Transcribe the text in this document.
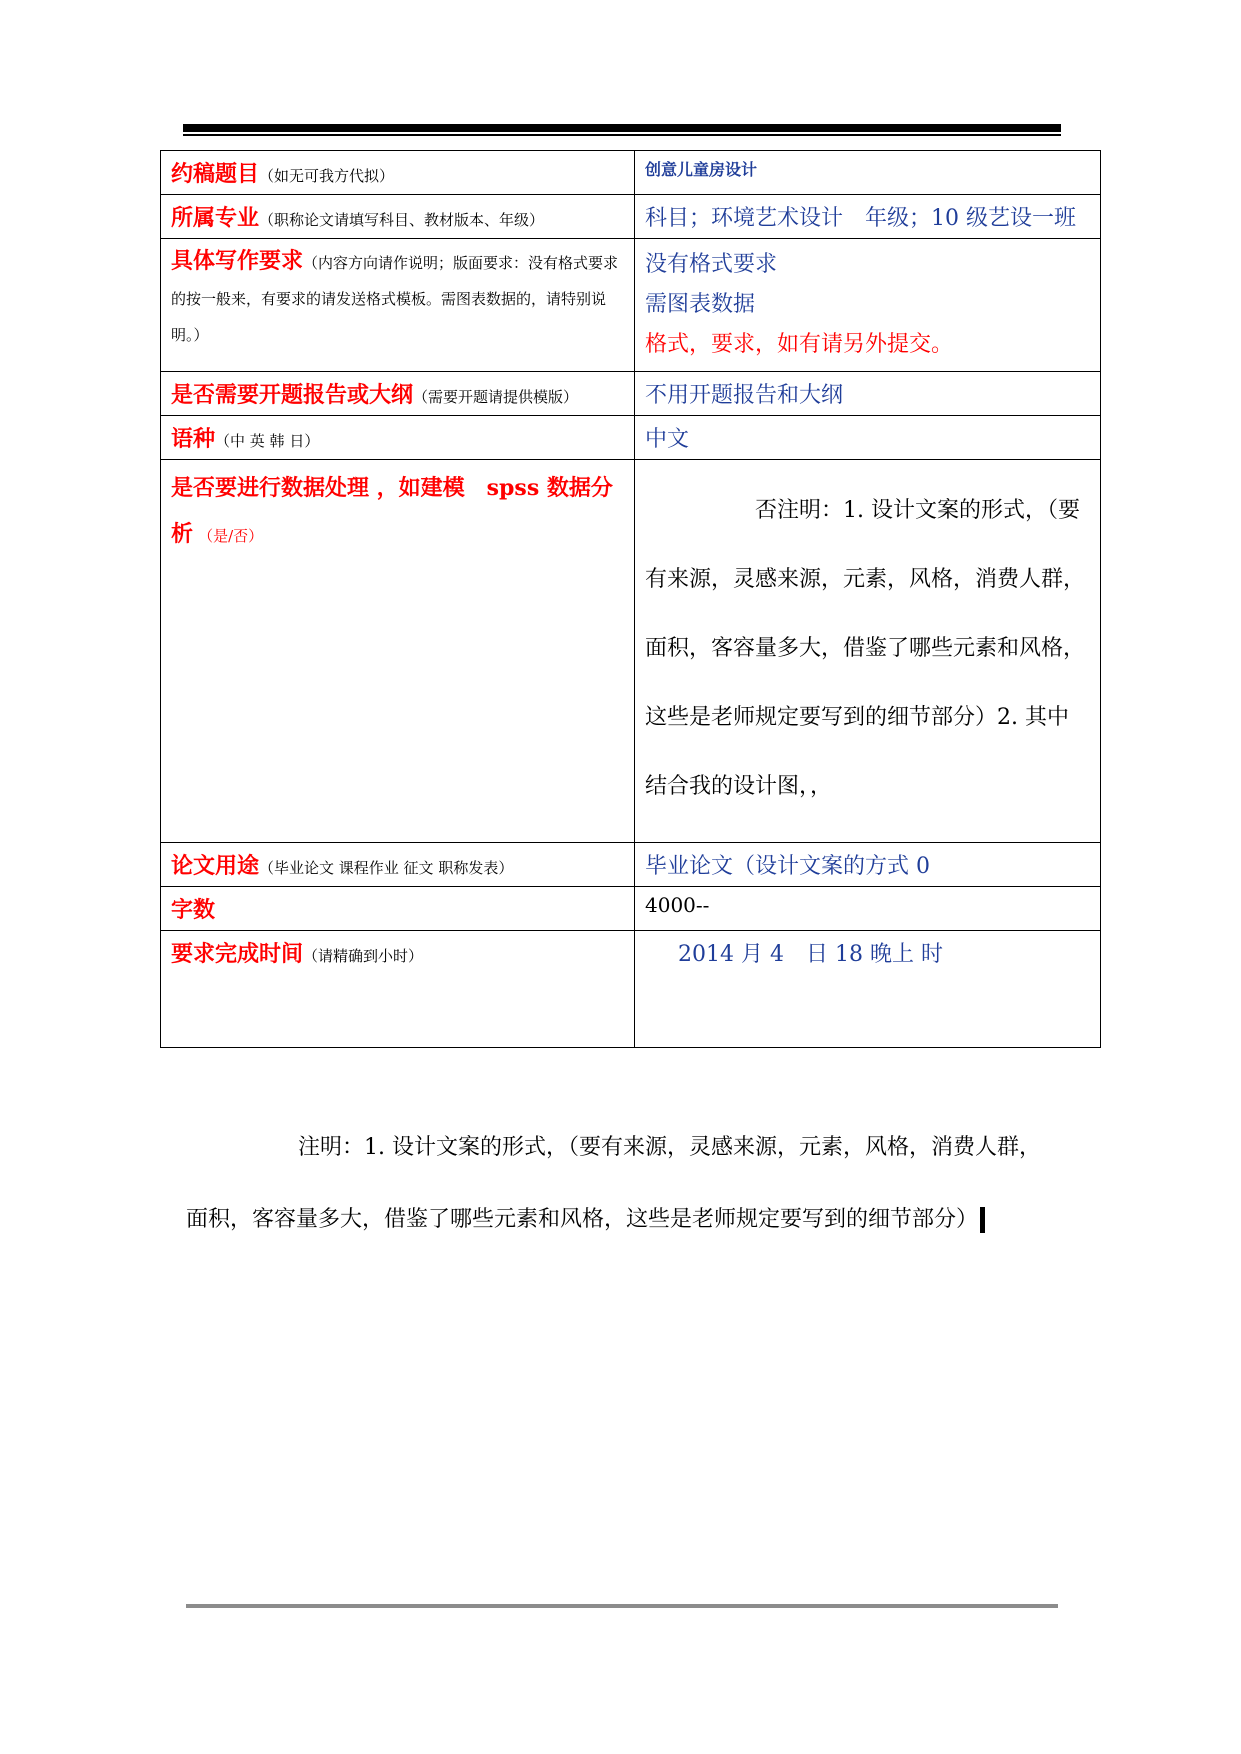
约稿题目（如无可我方代拟）	创意儿童房设计
所属专业（职称论文请填写科目、教材版本、年级）	科目；环境艺术设计　年级；10 级艺设一班
具体写作要求（内容方向请作说明；版面要求：没有格式要求的按一般来，有要求的请发送格式模板。需图表数据的，请特别说明。）	没有格式要求
需图表数据
格式，要求，如有请另外提交。

是否需要开题报告或大纲（需要开题请提供模版）	不用开题报告和大纲
语种（中 英 韩 日）	中文
是否要进行数据处理 ，如建模　spss 数据分析 （是/否）	否注明：1. 设计文案的形式，（要有来源，灵感来源，元素，风格，消费人群，面积，客容量多大，借鉴了哪些元素和风格，这些是老师规定要写到的细节部分）2. 其中结合我的设计图，，

论文用途（毕业论文 课程作业 征文 职称发表）	毕业论文（设计文案的方式 0
字数	4000--
要求完成时间（请精确到小时）	2014 月 4　日 18 晚上 时
注明：1. 设计文案的形式，（要有来源，灵感来源，元素，风格，消费人群，
面积，客容量多大，借鉴了哪些元素和风格，这些是老师规定要写到的细节部分）
